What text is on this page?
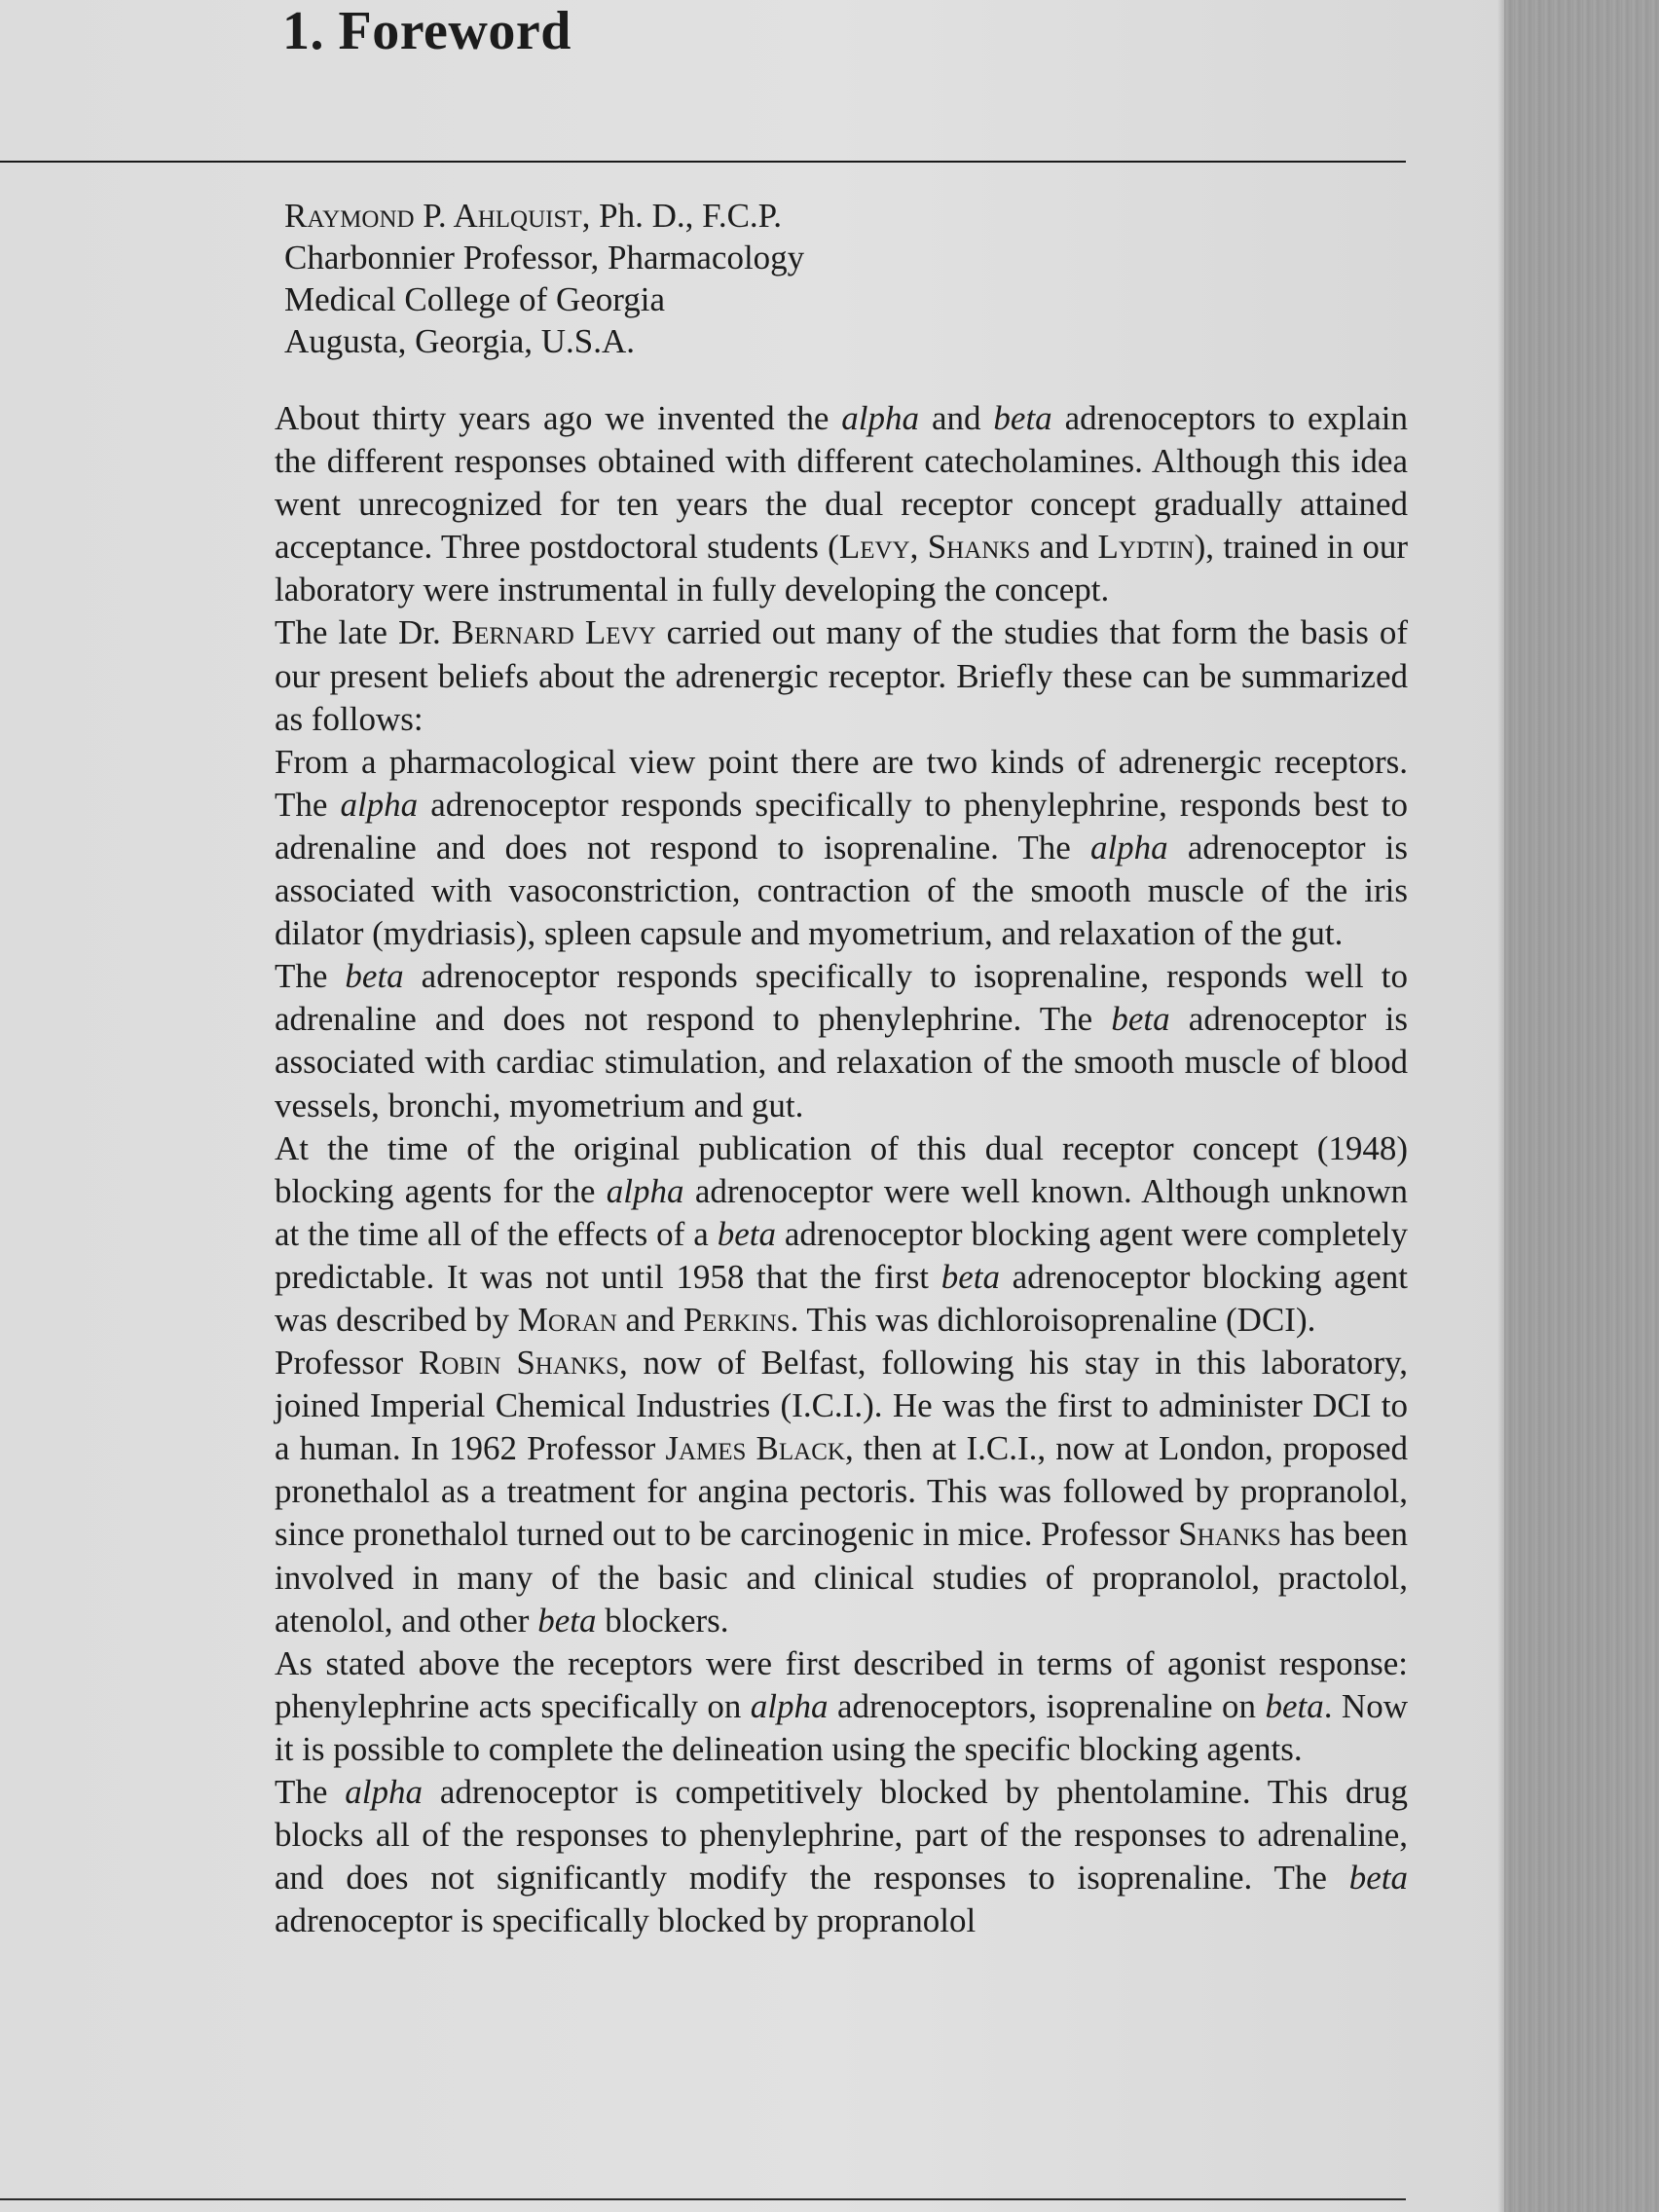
1. Foreword
Raymond P. Ahlquist, Ph. D., F.C.P.
Charbonnier Professor, Pharmacology
Medical College of Georgia
Augusta, Georgia, U.S.A.

About thirty years ago we invented the alpha and beta adrenoceptors to explain the different responses obtained with different catecholamines. Although this idea went unrecognized for ten years the dual receptor concept gradually attained acceptance. Three postdoctoral students (Levy, Shanks and Lydtin), trained in our laboratory were instrumental in fully developing the concept.

The late Dr. Bernard Levy carried out many of the studies that form the basis of our present beliefs about the adrenergic receptor. Briefly these can be summarized as follows:

From a pharmacological view point there are two kinds of adrenergic receptors. The alpha adrenoceptor responds specifically to phenylephrine, responds best to adrenaline and does not respond to isoprenaline. The alpha adrenoceptor is associated with vasoconstriction, contraction of the smooth muscle of the iris dilator (mydriasis), spleen capsule and myometrium, and relaxation of the gut.

The beta adrenoceptor responds specifically to isoprenaline, responds well to adrenaline and does not respond to phenylephrine. The beta adrenoceptor is associated with cardiac stimulation, and relaxation of the smooth muscle of blood vessels, bronchi, myometrium and gut.

At the time of the original publication of this dual receptor concept (1948) blocking agents for the alpha adrenoceptor were well known. Although unknown at the time all of the effects of a beta adrenoceptor blocking agent were completely predictable. It was not until 1958 that the first beta adrenoceptor blocking agent was described by Moran and Perkins. This was dichloroisoprenaline (DCI).

Professor Robin Shanks, now of Belfast, following his stay in this laboratory, joined Imperial Chemical Industries (I.C.I.). He was the first to administer DCI to a human. In 1962 Professor James Black, then at I.C.I., now at London, proposed pronethalol as a treatment for angina pectoris. This was followed by propranolol, since pronethalol turned out to be carcinogenic in mice. Professor Shanks has been involved in many of the basic and clinical studies of propranolol, practolol, atenolol, and other beta blockers.

As stated above the receptors were first described in terms of agonist response: phenylephrine acts specifically on alpha adrenoceptors, isoprenaline on beta. Now it is possible to complete the delineation using the specific blocking agents.

The alpha adrenoceptor is competitively blocked by phentolamine. This drug blocks all of the responses to phenylephrine, part of the responses to adrenaline, and does not significantly modify the responses to isoprenaline. The beta adrenoceptor is specifically blocked by propranolol
